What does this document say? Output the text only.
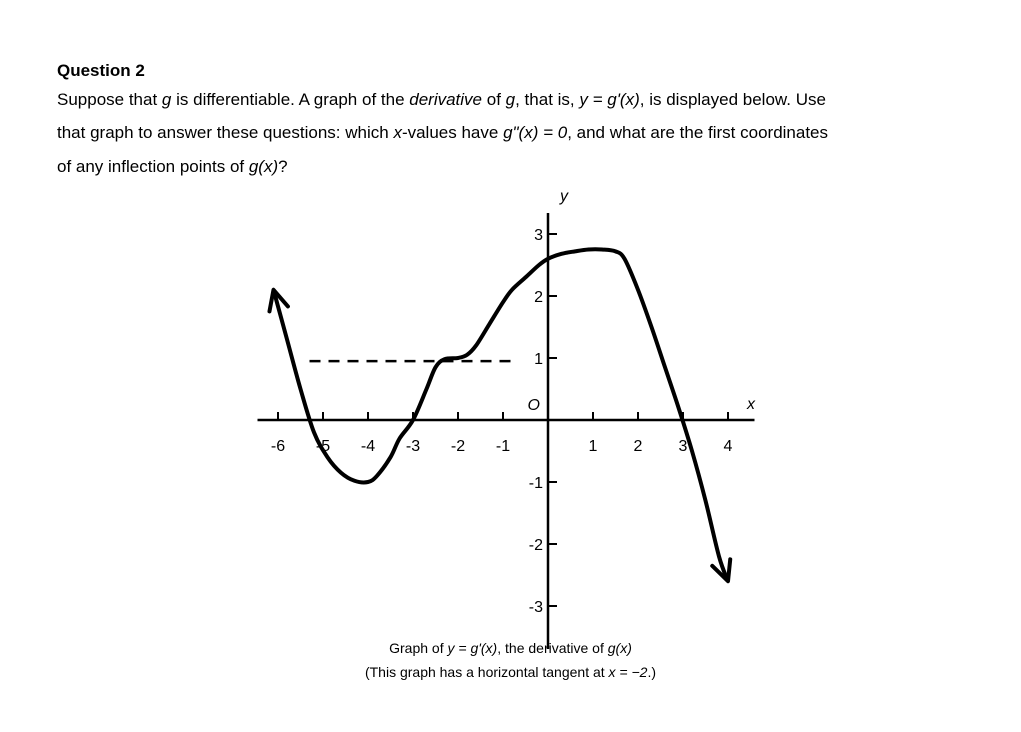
Question 2
Suppose that g is differentiable. A graph of the derivative of g, that is, y = g'(x), is displayed below. Use
that graph to answer these questions: which x-values have g"(x) = 0, and what are the first coordinates
of any inflection points of g(x)?
-6 -5 -4 -3 -2 -1	1 2 3 4
3
2
1
-1
-2
-3
x
y
O
Graph of y = g'(x), the derivative of g(x)
(This graph has a horizontal tangent at x = −2.)
